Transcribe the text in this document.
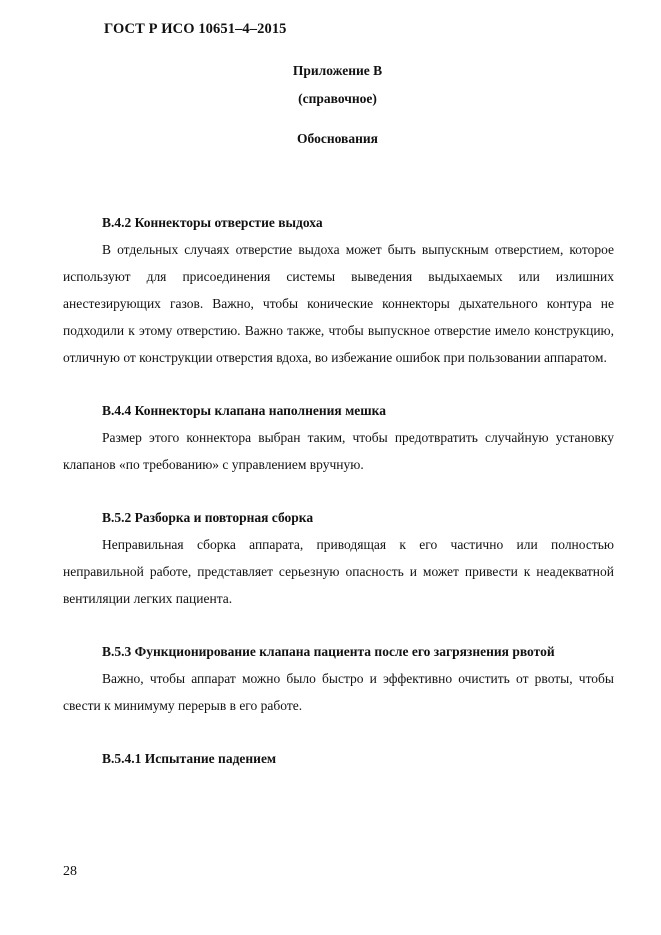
ГОСТ Р ИСО 10651–4–2015
Приложение В
(справочное)
Обоснования

В.4.2 Коннекторы отверстие выдоха

В отдельных случаях отверстие выдоха может быть выпускным отверстием, которое используют для присоединения системы выведения выдыхаемых или излишних анестезирующих газов. Важно, чтобы конические коннекторы дыхательного контура не подходили к этому отверстию. Важно также, чтобы выпускное отверстие имело конструкцию, отличную от конструкции отверстия вдоха, во избежание ошибок при пользовании аппаратом.

В.4.4 Коннекторы клапана наполнения мешка

Размер этого коннектора выбран таким, чтобы предотвратить случайную установку клапанов «по требованию» с управлением вручную.

В.5.2 Разборка и повторная сборка

Неправильная сборка аппарата, приводящая к его частично или полностью неправильной работе, представляет серьезную опасность и может привести к неадекватной вентиляции легких пациента.

В.5.3 Функционирование клапана пациента после его загрязнения рвотой

Важно, чтобы аппарат можно было быстро и эффективно очистить от рвоты, чтобы свести к минимуму перерыв в его работе.

В.5.4.1 Испытание падением

28
